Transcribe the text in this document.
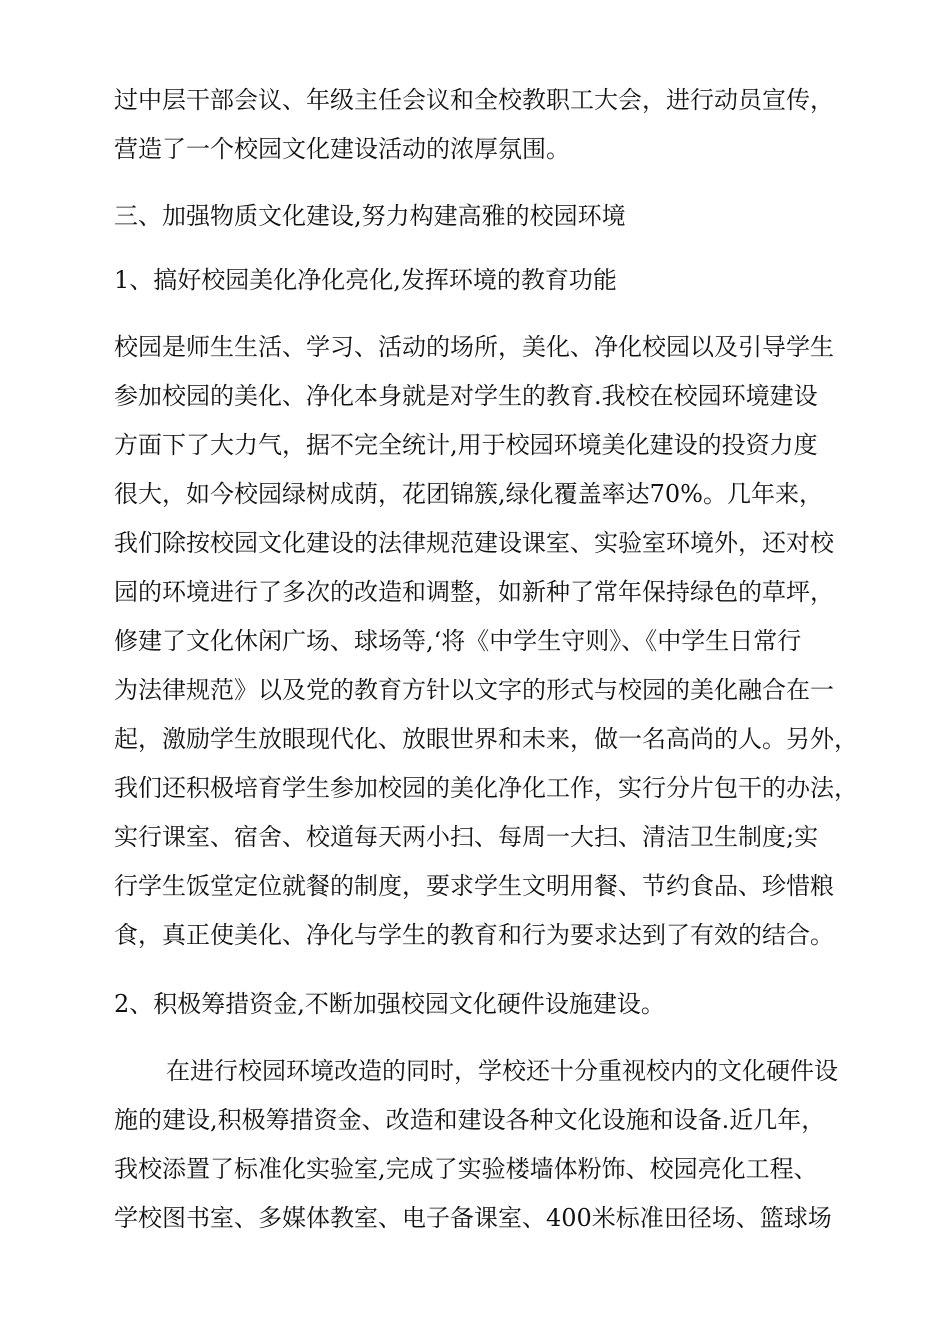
过中层干部会议、年级主任会议和全校教职工大会，进行动员宣传，
营造了一个校园文化建设活动的浓厚氛围。
三、加强物质文化建设,努力构建高雅的校园环境
1、搞好校园美化净化亮化,发挥环境的教育功能
校园是师生生活、学习、活动的场所，美化、净化校园以及引导学生
参加校园的美化、净化本身就是对学生的教育.我校在校园环境建设
方面下了大力气，据不完全统计,用于校园环境美化建设的投资力度
很大，如今校园绿树成荫，花团锦簇,绿化覆盖率达70%。几年来，
我们除按校园文化建设的法律规范建设课室、实验室环境外，还对校
园的环境进行了多次的改造和调整，如新种了常年保持绿色的草坪，
修建了文化休闲广场、球场等,‘将《中学生守则》、《中学生日常行
为法律规范》以及党的教育方针以文字的形式与校园的美化融合在一
起，激励学生放眼现代化、放眼世界和未来，做一名高尚的人。另外，
我们还积极培育学生参加校园的美化净化工作，实行分片包干的办法，
实行课室、宿舍、校道每天两小扫、每周一大扫、清洁卫生制度;实
行学生饭堂定位就餐的制度，要求学生文明用餐、节约食品、珍惜粮
食，真正使美化、净化与学生的教育和行为要求达到了有效的结合。
2、积极筹措资金,不断加强校园文化硬件设施建设。
在进行校园环境改造的同时，学校还十分重视校内的文化硬件设
施的建设,积极筹措资金、改造和建设各种文化设施和设备.近几年，
我校添置了标准化实验室,完成了实验楼墙体粉饰、校园亮化工程、
学校图书室、多媒体教室、电子备课室、400米标准田径场、篮球场
